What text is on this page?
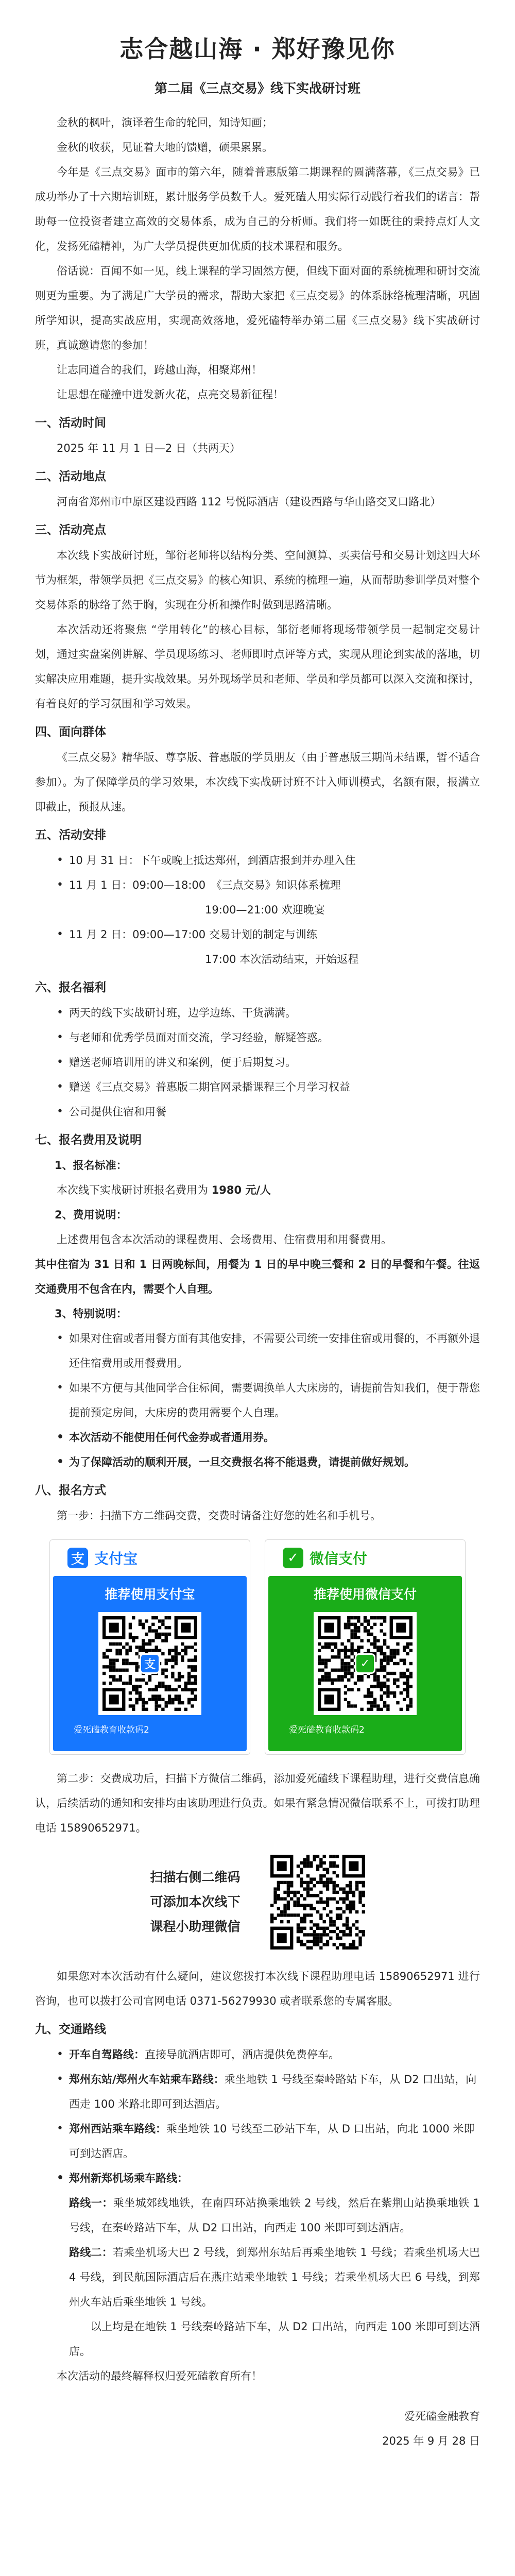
志合越山海 · 郑好豫见你
第二届《三点交易》线下实战研讨班

金秋的枫叶，演译着生命的轮回，知诗知画；

金秋的收获，见证着大地的馈赠，硕果累累。

今年是《三点交易》面市的第六年，随着普惠版第二期课程的圆满落幕，《三点交易》已成功举办了十六期培训班，累计服务学员数千人。爱死磕人用实际行动践行着我们的诺言：帮助每一位投资者建立高效的交易体系，成为自己的分析师。我们将一如既往的秉持点灯人文化，发扬死磕精神，为广大学员提供更加优质的技术课程和服务。

俗话说：百闻不如一见，线上课程的学习固然方便，但线下面对面的系统梳理和研讨交流则更为重要。为了满足广大学员的需求，帮助大家把《三点交易》的体系脉络梳理清晰，巩固所学知识，提高实战应用，实现高效落地，爱死磕特举办第二届《三点交易》线下实战研讨班，真诚邀请您的参加！

让志同道合的我们，跨越山海，相聚郑州！

让思想在碰撞中迸发新火花，点亮交易新征程！

一、活动时间

2025 年 11 月 1 日—2 日（共两天）

二、活动地点

河南省郑州市中原区建设西路 112 号悦际酒店（建设西路与华山路交叉口路北）

三、活动亮点

本次线下实战研讨班，邹衍老师将以结构分类、空间测算、买卖信号和交易计划这四大环节为框架，带领学员把《三点交易》的核心知识、系统的梳理一遍，从而帮助参训学员对整个交易体系的脉络了然于胸，实现在分析和操作时做到思路清晰。

本次活动还将聚焦 “学用转化”的核心目标，邹衍老师将现场带领学员一起制定交易计划，通过实盘案例讲解、学员现场练习、老师即时点评等方式，实现从理论到实战的落地，切实解决应用难题，提升实战效果。另外现场学员和老师、学员和学员都可以深入交流和探讨，有着良好的学习氛围和学习效果。

四、面向群体

《三点交易》精华版、尊享版、普惠版的学员朋友（由于普惠版三期尚未结课，暂不适合参加）。为了保障学员的学习效果，本次线下实战研讨班不计入师训模式，名额有限，报满立即截止，预报从速。

五、活动安排
• 10 月 31 日：下午或晚上抵达郑州，到酒店报到并办理入住
• 11 月 1 日：09:00—18:00　《三点交易》知识体系梳理
19:00—21:00 欢迎晚宴
• 11 月 2 日：09:00—17:00 交易计划的制定与训练
17:00 本次活动结束，开始返程
六、报名福利
• 两天的线下实战研讨班，边学边练、干货满满。
• 与老师和优秀学员面对面交流，学习经验，解疑答惑。
• 赠送老师培训用的讲义和案例，便于后期复习。
• 赠送《三点交易》普惠版二期官网录播课程三个月学习权益
• 公司提供住宿和用餐
七、报名费用及说明
1、报名标准：

本次线下实战研讨班报名费用为 1980 元/人

2、费用说明：

上述费用包含本次活动的课程费用、会场费用、住宿费用和用餐费用。

其中住宿为 31 日和 1 日两晚标间，用餐为 1 日的早中晚三餐和 2 日的早餐和午餐。往返交通费用不包含在内，需要个人自理。

3、特别说明：
• 如果对住宿或者用餐方面有其他安排，不需要公司统一安排住宿或用餐的，不再额外退还住宿费用或用餐费用。
• 如果不方便与其他同学合住标间，需要调换单人大床房的，请提前告知我们，便于帮您提前预定房间，大床房的费用需要个人自理。
• 本次活动不能使用任何代金券或者通用券。
• 为了保障活动的顺利开展，一旦交费报名将不能退费，请提前做好规划。
八、报名方式

第一步：扫描下方二维码交费，交费时请备注好您的姓名和手机号。

支 支付宝
推荐使用支付宝
支
爱死磕教育收款码2
✓ 微信支付
推荐使用微信支付
✓
爱死磕教育收款码2

第二步：交费成功后，扫描下方微信二维码，添加爱死磕线下课程助理，进行交费信息确认，后续活动的通知和安排均由该助理进行负责。如果有紧急情况微信联系不上，可拨打助理电话 15890652971。

扫描右侧二维码
可添加本次线下
课程小助理微信

如果您对本次活动有什么疑问，建议您拨打本次线下课程助理电话 15890652971 进行咨询，也可以拨打公司官网电话 0371-56279930 或者联系您的专属客服。

九、交通路线
• 开车自驾路线：直接导航酒店即可，酒店提供免费停车。
• 郑州东站/郑州火车站乘车路线：乘坐地铁 1 号线至秦岭路站下车，从 D2 口出站，向西走 100 米路北即可到达酒店。
• 郑州西站乘车路线：乘坐地铁 10 号线至二砂站下车，从 D 口出站，向北 1000 米即可到达酒店。
• 郑州新郑机场乘车路线：

路线一：乘坐城郊线地铁，在南四环站换乘地铁 2 号线，然后在紫荆山站换乘地铁 1 号线，在秦岭路站下车，从 D2 口出站，向西走 100 米即可到达酒店。

路线二：若乘坐机场大巴 2 号线，到郑州东站后再乘坐地铁 1 号线；若乘坐机场大巴 4 号线，到民航国际酒店后在燕庄站乘坐地铁 1 号线；若乘坐机场大巴 6 号线，到郑州火车站后乘坐地铁 1 号线。

以上均是在地铁 1 号线秦岭路站下车，从 D2 口出站，向西走 100 米即可到达酒店。

本次活动的最终解释权归爱死磕教育所有！

爱死磕金融教育
2025 年 9 月 28 日
